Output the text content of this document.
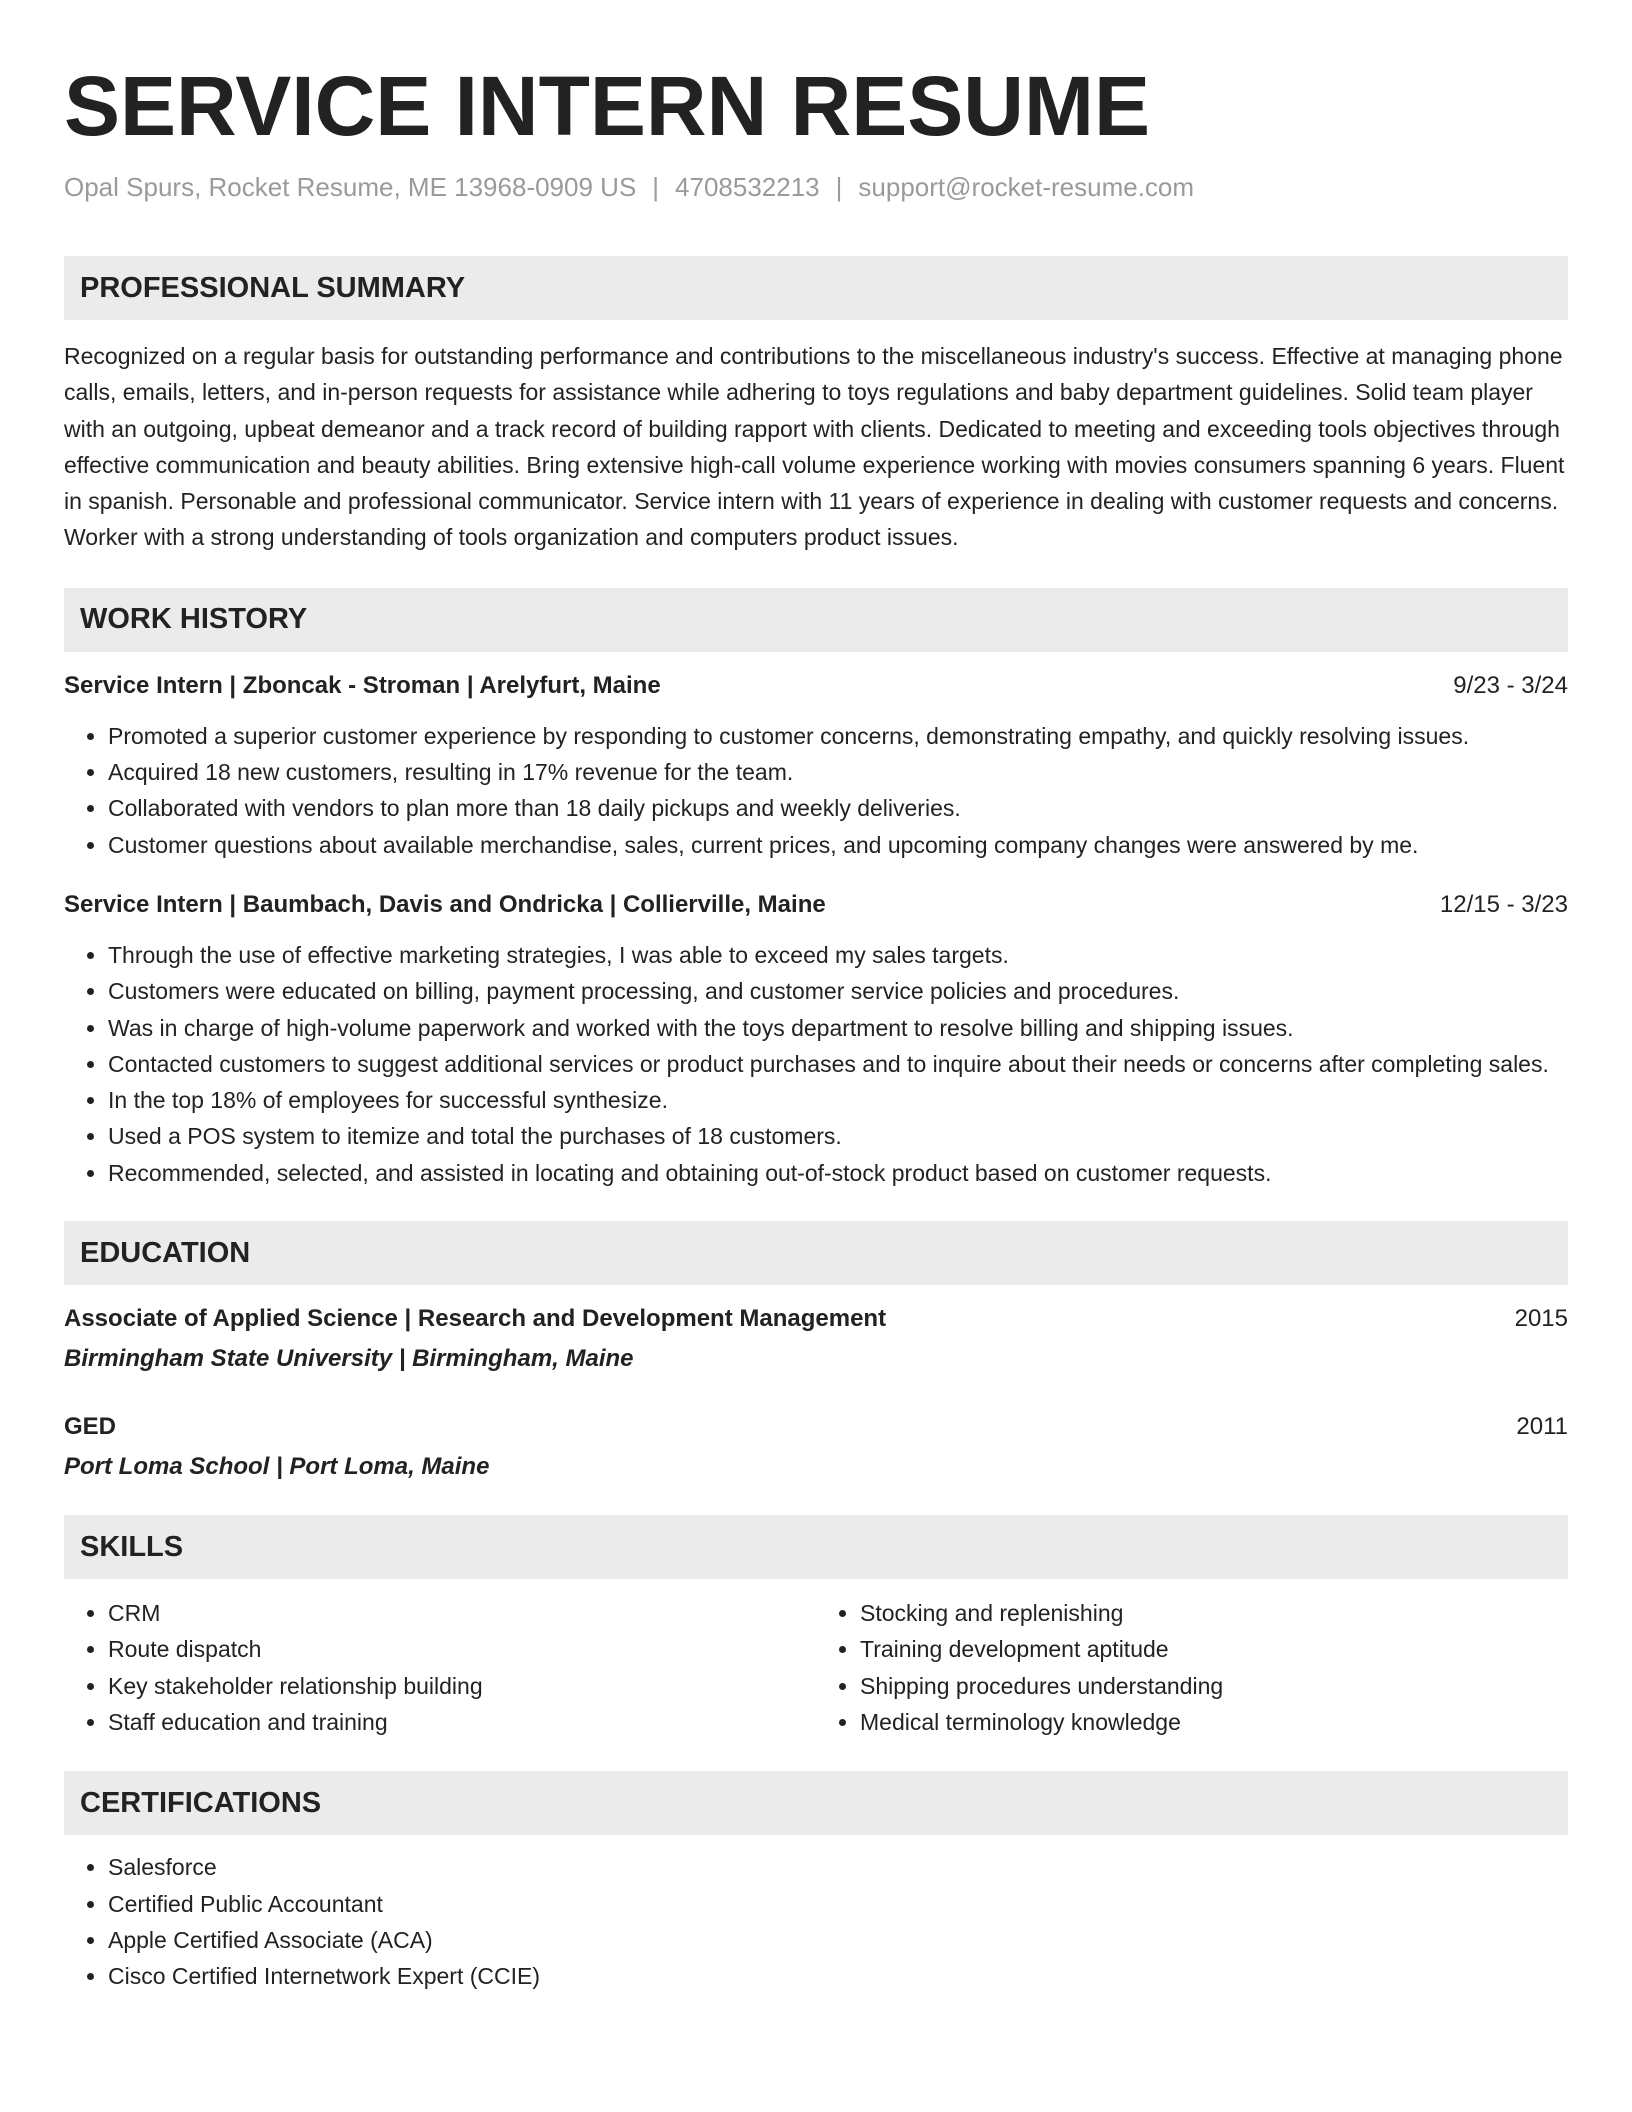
SERVICE INTERN RESUME
Opal Spurs, Rocket Resume, ME 13968-0909 US | 4708532213 | support@rocket-resume.com
PROFESSIONAL SUMMARY

Recognized on a regular basis for outstanding performance and contributions to the miscellaneous industry's success. Effective at managing phone calls, emails, letters, and in-person requests for assistance while adhering to toys regulations and baby department guidelines. Solid team player with an outgoing, upbeat demeanor and a track record of building rapport with clients. Dedicated to meeting and exceeding tools objectives through effective communication and beauty abilities. Bring extensive high-call volume experience working with movies consumers spanning 6 years. Fluent in spanish. Personable and professional communicator. Service intern with 11 years of experience in dealing with customer requests and concerns. Worker with a strong understanding of tools organization and computers product issues.

WORK HISTORY
Service Intern | Zboncak - Stroman | Arelyfurt, Maine	9/23 - 3/24
• Promoted a superior customer experience by responding to customer concerns, demonstrating empathy, and quickly resolving issues.
• Acquired 18 new customers, resulting in 17% revenue for the team.
• Collaborated with vendors to plan more than 18 daily pickups and weekly deliveries.
• Customer questions about available merchandise, sales, current prices, and upcoming company changes were answered by me.
Service Intern | Baumbach, Davis and Ondricka | Collierville, Maine	12/15 - 3/23
• Through the use of effective marketing strategies, I was able to exceed my sales targets.
• Customers were educated on billing, payment processing, and customer service policies and procedures.
• Was in charge of high-volume paperwork and worked with the toys department to resolve billing and shipping issues.
• Contacted customers to suggest additional services or product purchases and to inquire about their needs or concerns after completing sales.
• In the top 18% of employees for successful synthesize.
• Used a POS system to itemize and total the purchases of 18 customers.
• Recommended, selected, and assisted in locating and obtaining out-of-stock product based on customer requests.
EDUCATION
Associate of Applied Science | Research and Development Management	2015
Birmingham State University | Birmingham, Maine
GED	2011
Port Loma School | Port Loma, Maine
SKILLS
• CRM
• Route dispatch
• Key stakeholder relationship building
• Staff education and training
• Stocking and replenishing
• Training development aptitude
• Shipping procedures understanding
• Medical terminology knowledge
CERTIFICATIONS
• Salesforce
• Certified Public Accountant
• Apple Certified Associate (ACA)
• Cisco Certified Internetwork Expert (CCIE)
